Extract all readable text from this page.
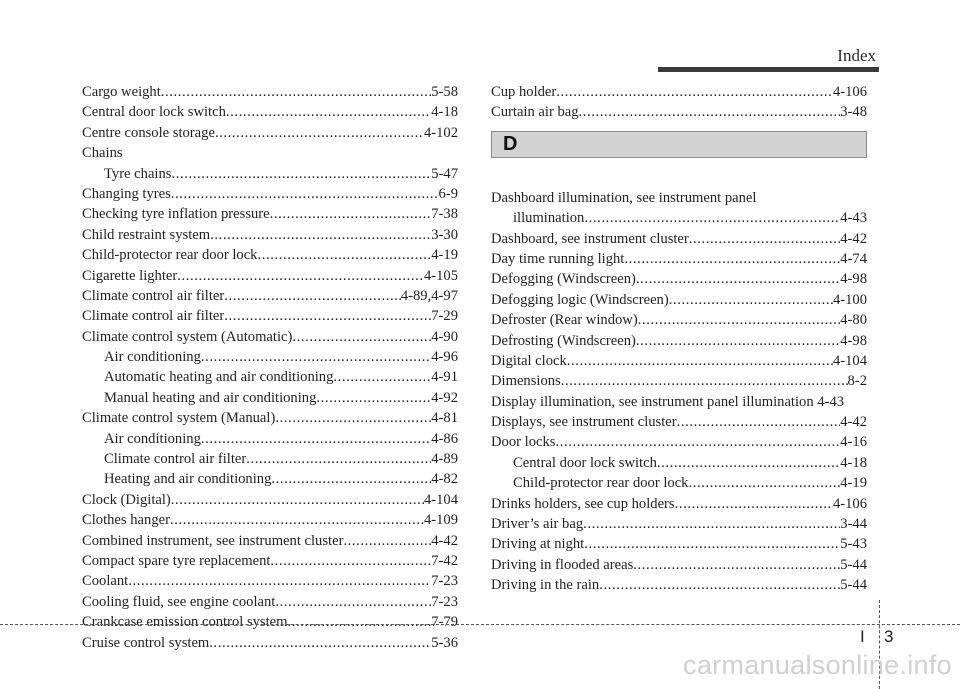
Index
Cargo weight .....	5-58
Central door lock switch .....	4-18
Centre console storage .....	4-102
Chains
Tyre chains .....	5-47
Changing tyres .....	6-9
Checking tyre inflation pressure .....	7-38
Child restraint system .....	3-30
Child-protector rear door lock .....	4-19
Cigarette lighter .....	4-105
Climate control air filter .....	4-89,4-97
Climate control air filter .....	7-29
Climate control system (Automatic) .....	4-90
Air conditioning .....	4-96
Automatic heating and air conditioning .....	4-91
Manual heating and air conditioning .....	4-92
Climate control system (Manual) .....	4-81
Air conditioning .....	4-86
Climate control air filter .....	4-89
Heating and air conditioning .....	4-82
Clock (Digital) .....	4-104
Clothes hanger .....	4-109
Combined instrument, see instrument cluster .....	4-42
Compact spare tyre replacement .....	7-42
Coolant .....	7-23
Cooling fluid, see engine coolant .....	7-23
Crankcase emission control system .....	7-79
Cruise control system .....	5-36
Cup holder .....	4-106
Curtain air bag .....	3-48
D
Dashboard illumination, see instrument panel
illumination .....	4-43
Dashboard, see instrument cluster .....	4-42
Day time running light .....	4-74
Defogging (Windscreen) .....	4-98
Defogging logic (Windscreen) .....	4-100
Defroster (Rear window) .....	4-80
Defrosting (Windscreen) .....	4-98
Digital clock .....	4-104
Dimensions .....	8-2
Display illumination, see instrument panel illumination 4-43
Displays, see instrument cluster .....	4-42
Door locks .....	4-16
Central door lock switch .....	4-18
Child-protector rear door lock .....	4-19
Drinks holders, see cup holders .....	4-106
Driver’s air bag .....	3-44
Driving at night .....	5-43
Driving in flooded areas .....	5-44
Driving in the rain .....	5-44
I 3
carmanualsonline.info
